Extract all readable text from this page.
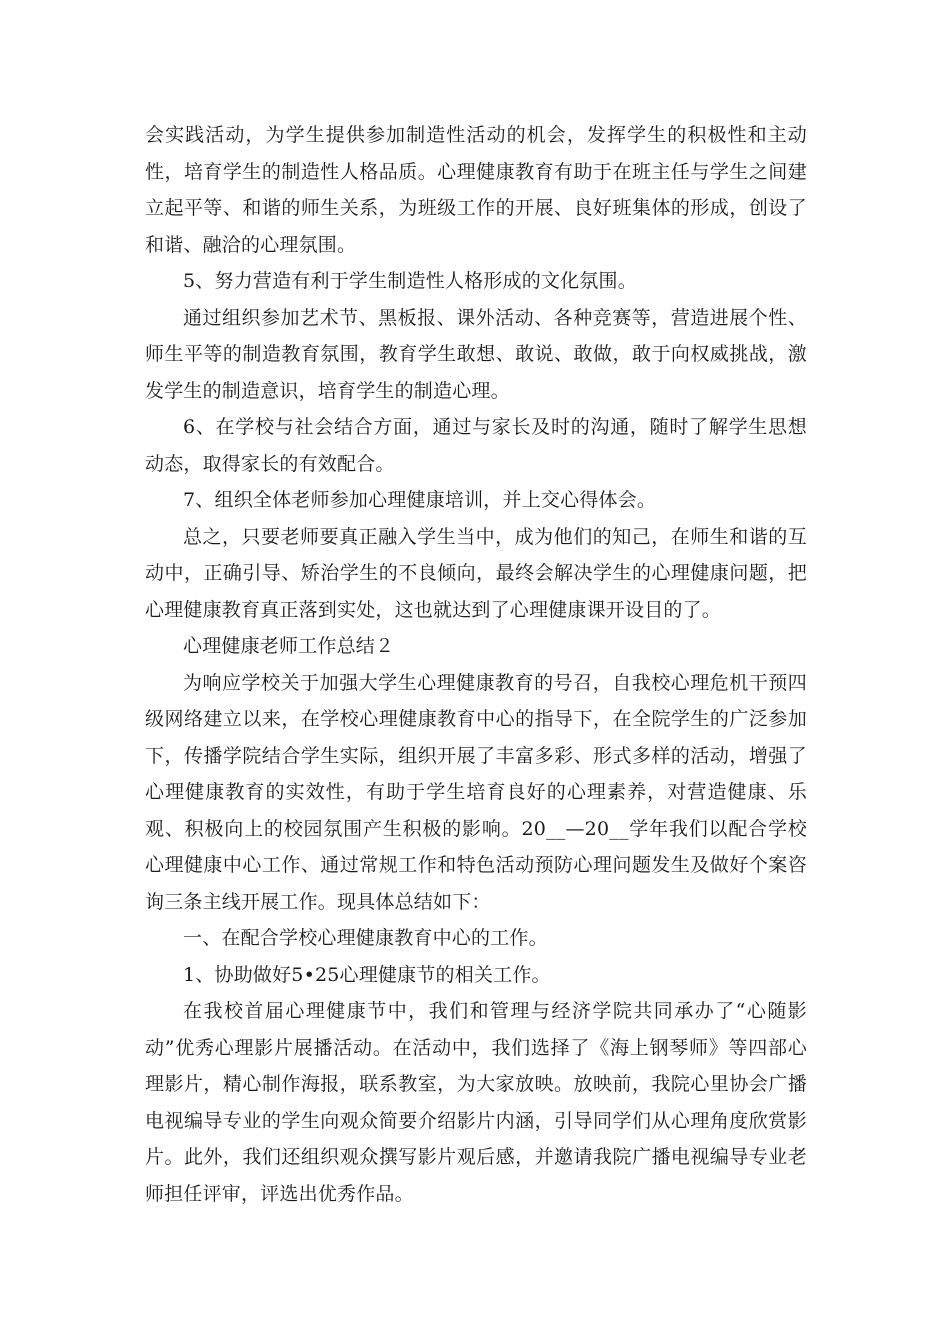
会实践活动，为学生提供参加制造性活动的机会，发挥学生的积极性和主动性，培育学生的制造性人格品质。心理健康教育有助于在班主任与学生之间建立起平等、和谐的师生关系，为班级工作的开展、良好班集体的形成，创设了和谐、融洽的心理氛围。

5、努力营造有利于学生制造性人格形成的文化氛围。

通过组织参加艺术节、黑板报、课外活动、各种竞赛等，营造进展个性、师生平等的制造教育氛围，教育学生敢想、敢说、敢做，敢于向权威挑战，激发学生的制造意识，培育学生的制造心理。

6、在学校与社会结合方面，通过与家长及时的沟通，随时了解学生思想动态，取得家长的有效配合。

7、组织全体老师参加心理健康培训，并上交心得体会。

总之，只要老师要真正融入学生当中，成为他们的知己，在师生和谐的互动中，正确引导、矫治学生的不良倾向，最终会解决学生的心理健康问题，把心理健康教育真正落到实处，这也就达到了心理健康课开设目的了。

心理健康老师工作总结２

为响应学校关于加强大学生心理健康教育的号召，自我校心理危机干预四级网络建立以来，在学校心理健康教育中心的指导下，在全院学生的广泛参加下，传播学院结合学生实际，组织开展了丰富多彩、形式多样的活动，增强了心理健康教育的实效性，有助于学生培育良好的心理素养，对营造健康、乐观、积极向上的校园氛围产生积极的影响。20__—20__学年我们以配合学校心理健康中心工作、通过常规工作和特色活动预防心理问题发生及做好个案咨询三条主线开展工作。现具体总结如下：

一、在配合学校心理健康教育中心的工作。

1、协助做好5•25心理健康节的相关工作。

在我校首届心理健康节中，我们和管理与经济学院共同承办了“心随影动”优秀心理影片展播活动。在活动中，我们选择了《海上钢琴师》等四部心理影片，精心制作海报，联系教室，为大家放映。放映前，我院心里协会广播电视编导专业的学生向观众简要介绍影片内涵，引导同学们从心理角度欣赏影片。此外，我们还组织观众撰写影片观后感，并邀请我院广播电视编导专业老师担任评审，评选出优秀作品。
